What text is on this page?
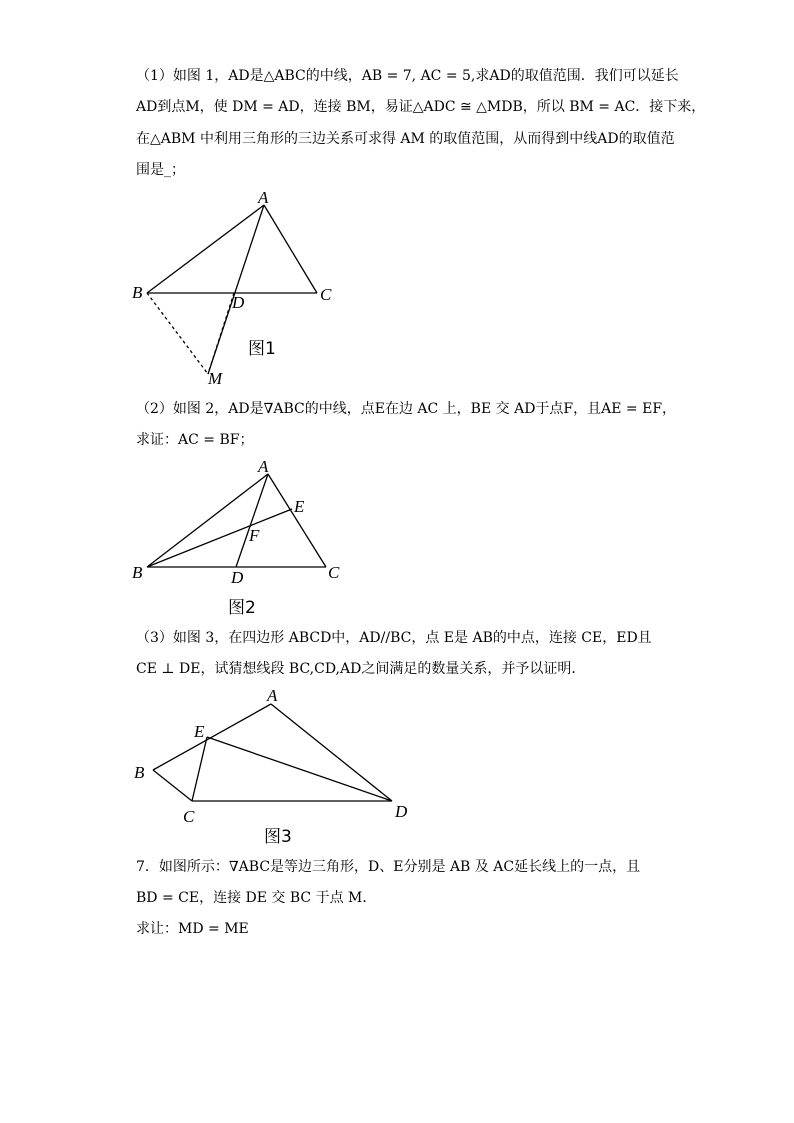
（1）如图 1，AD是△ABC的中线，AB = 7, AC = 5,求AD的取值范围．我们可以延长
AD到点M，使 DM = AD，连接 BM，易证△ADC ≅ △MDB，所以 BM = AC．接下来，
在△ABM 中利用三角形的三边关系可求得 AM 的取值范围，从而得到中线AD的取值范
围是_；
A
B	C
D
M
图1
A
B	C
D
E
F
图2
A
B
C	D
E
图3
（2）如图 2，AD是∇ABC的中线，点E在边 AC 上，BE 交 AD于点F，且AE = EF，
求证：AC = BF；
（3）如图 3，在四边形 ABCD中，AD//BC，点 E是 AB的中点，连接 CE，ED且
CE ⊥ DE，试猜想线段 BC,CD,AD之间满足的数量关系，并予以证明．
7．如图所示：∇ABC是等边三角形，D、E分别是 AB 及 AC延长线上的一点，且
BD = CE，连接 DE 交 BC 于点 M．
求让：MD = ME
